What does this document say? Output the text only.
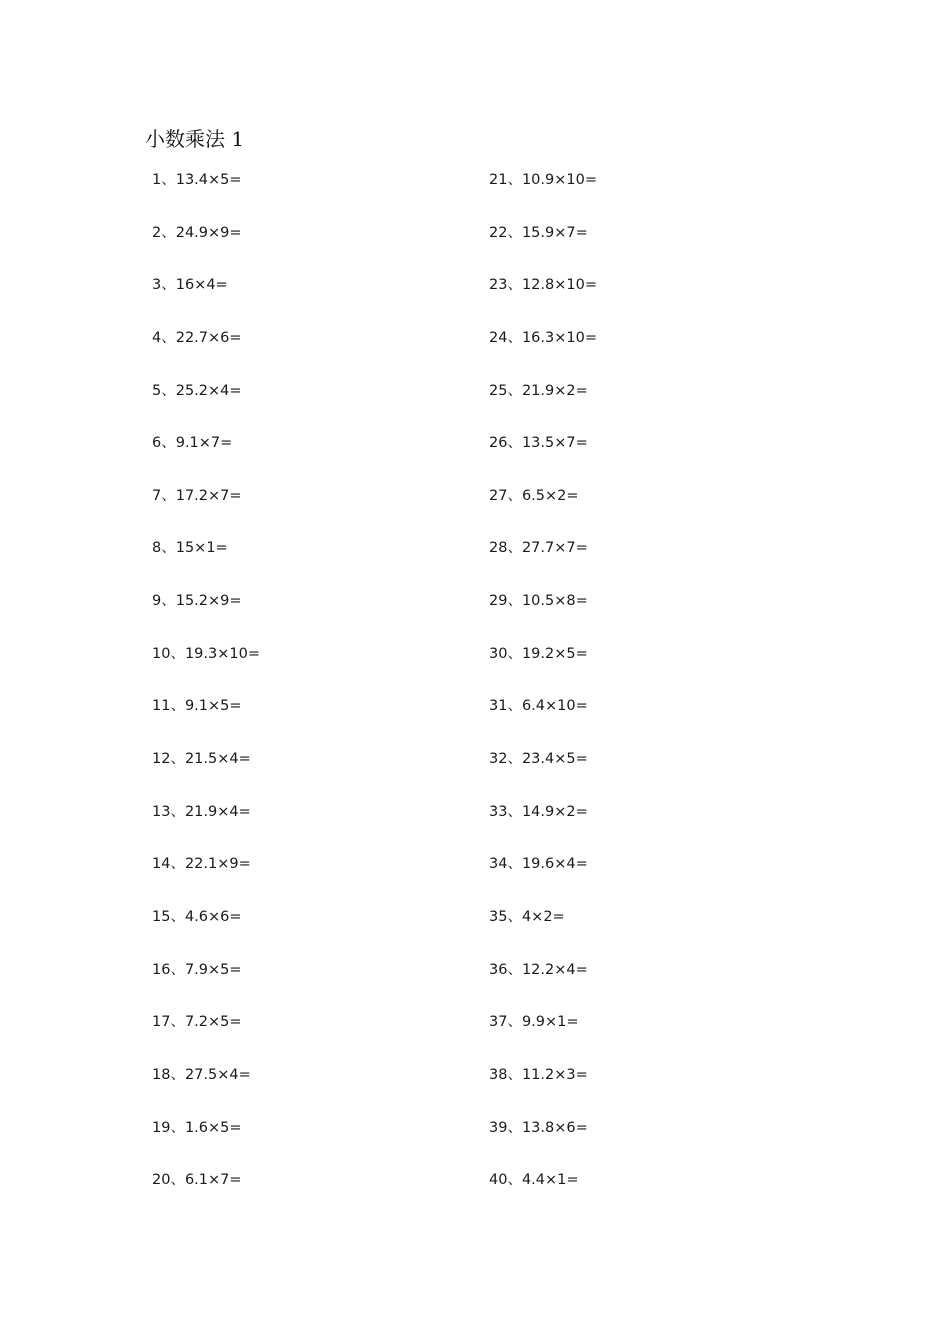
小数乘法 1
1、13.4×5=
2、24.9×9=
3、16×4=
4、22.7×6=
5、25.2×4=
6、9.1×7=
7、17.2×7=
8、15×1=
9、15.2×9=
10、19.3×10=
11、9.1×5=
12、21.5×4=
13、21.9×4=
14、22.1×9=
15、4.6×6=
16、7.9×5=
17、7.2×5=
18、27.5×4=
19、1.6×5=
20、6.1×7=
21、10.9×10=
22、15.9×7=
23、12.8×10=
24、16.3×10=
25、21.9×2=
26、13.5×7=
27、6.5×2=
28、27.7×7=
29、10.5×8=
30、19.2×5=
31、6.4×10=
32、23.4×5=
33、14.9×2=
34、19.6×4=
35、4×2=
36、12.2×4=
37、9.9×1=
38、11.2×3=
39、13.8×6=
40、4.4×1=
